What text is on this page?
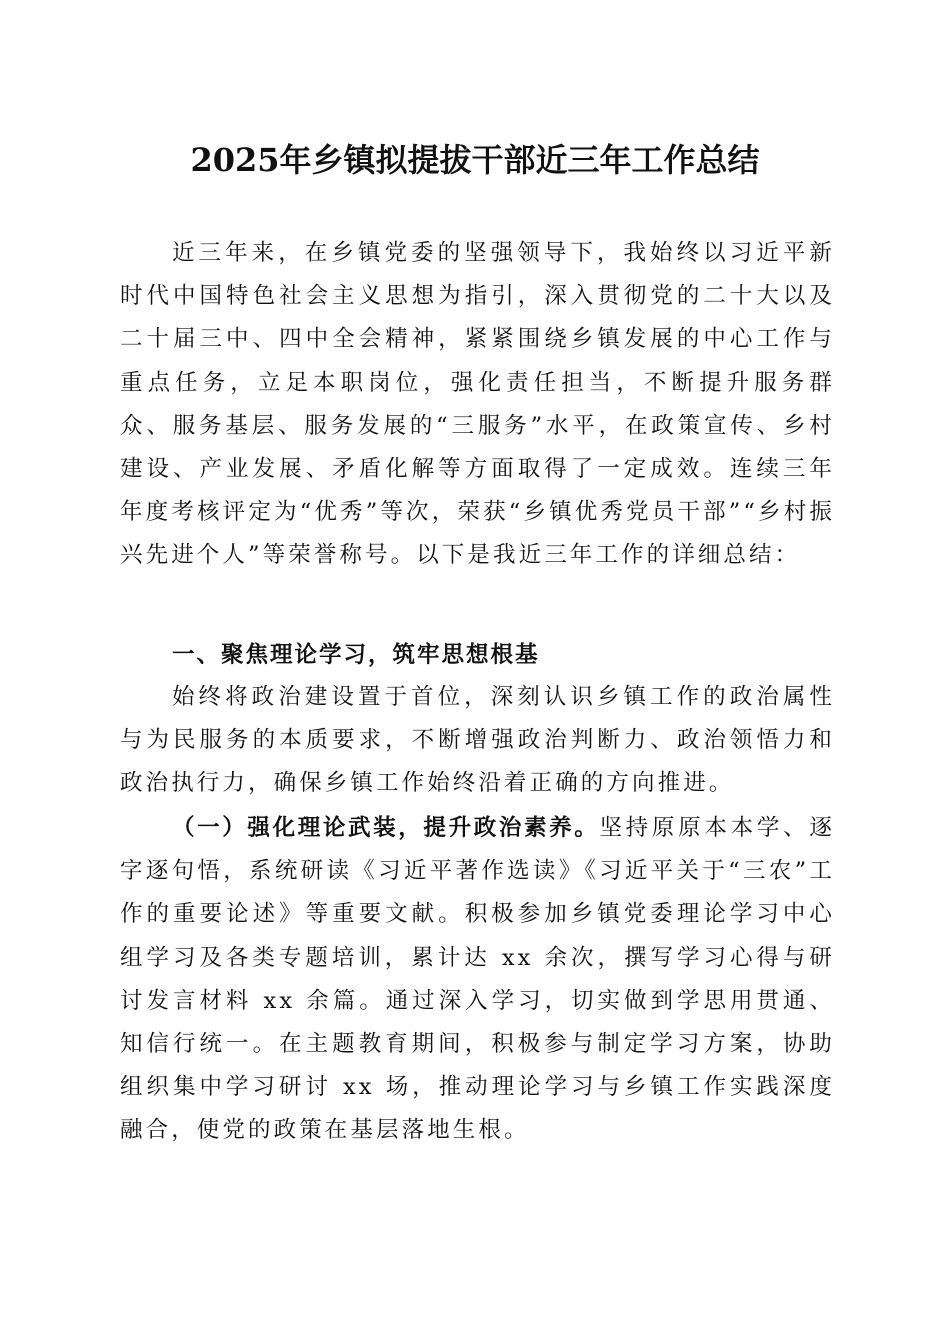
2025年乡镇拟提拔干部近三年工作总结

近三年来，在乡镇党委的坚强领导下，我始终以习近平新时代中国特色社会主义思想为指引，深入贯彻党的二十大以及二十届三中、四中全会精神，紧紧围绕乡镇发展的中心工作与重点任务，立足本职岗位，强化责任担当，不断提升服务群众、服务基层、服务发展的“三服务”水平，在政策宣传、乡村建设、产业发展、矛盾化解等方面取得了一定成效。连续三年年度考核评定为“优秀”等次，荣获“乡镇优秀党员干部”“乡村振兴先进个人”等荣誉称号。以下是我近三年工作的详细总结：

一、聚焦理论学习，筑牢思想根基

始终将政治建设置于首位，深刻认识乡镇工作的政治属性与为民服务的本质要求，不断增强政治判断力、政治领悟力和政治执行力，确保乡镇工作始终沿着正确的方向推进。

（一）强化理论武装，提升政治素养。坚持原原本本学、逐字逐句悟，系统研读《习近平著作选读》《习近平关于“三农”工作的重要论述》等重要文献。积极参加乡镇党委理论学习中心组学习及各类专题培训，累计达 xx 余次，撰写学习心得与研讨发言材料 xx 余篇。通过深入学习，切实做到学思用贯通、知信行统一。在主题教育期间，积极参与制定学习方案，协助组织集中学习研讨 xx 场，推动理论学习与乡镇工作实践深度融合，使党的政策在基层落地生根。
